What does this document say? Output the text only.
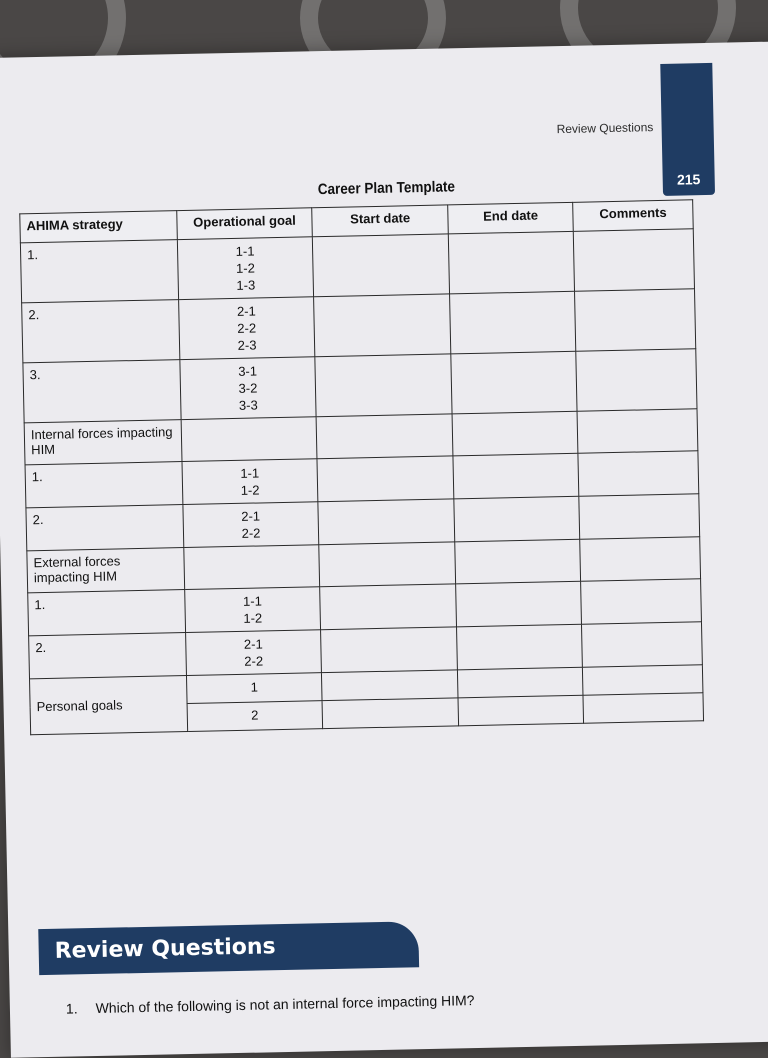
Review Questions
215
Career Plan Template
AHIMA strategy	Operational goal	Start date	End date	Comments
1.	1-1
1-2
1-3			

2.	2-1
2-2
2-3			

3.	3-1
3-2
3-3			

Internal forces impacting HIM				
1.	1-1
1-2			

2.	2-1
2-2			

External forces impacting HIM				
1.	1-1
1-2			

2.	2-1
2-2			

Personal goals	1			

	2			

Review Questions
1. Which of the following is not an internal force impacting HIM?
